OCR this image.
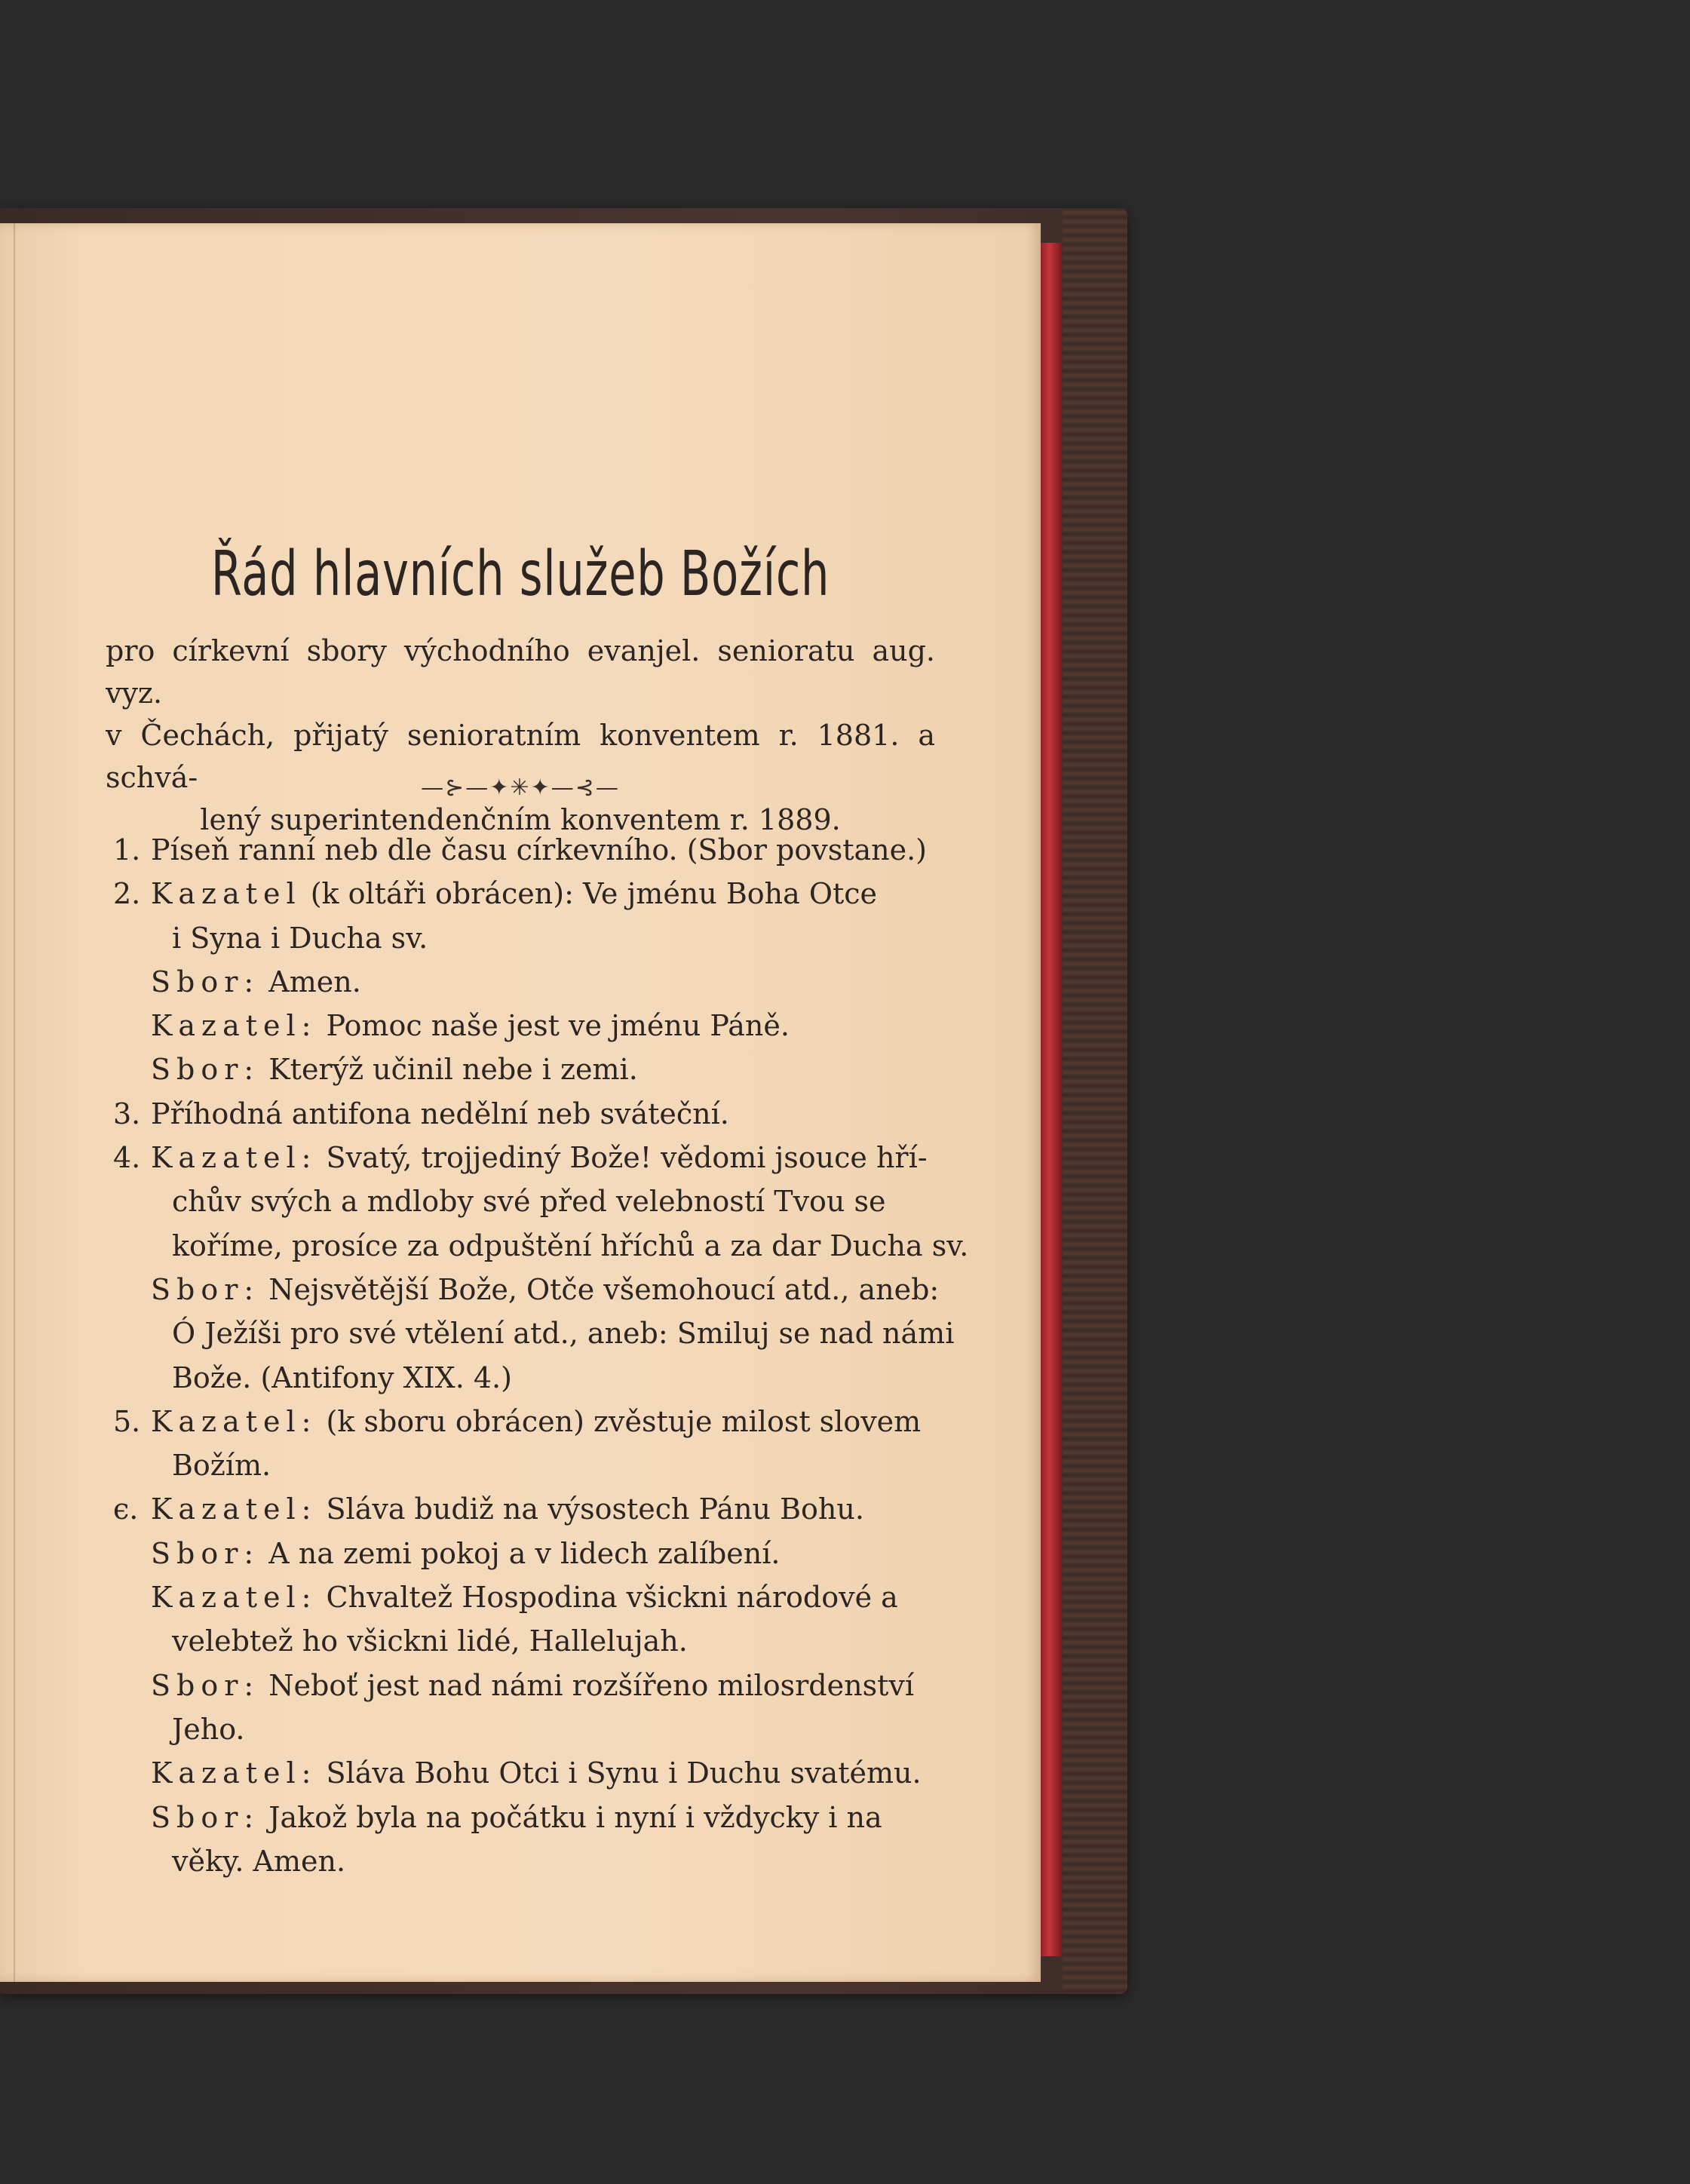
Řád hlavních služeb Božích
pro církevní sbory východního evanjel. senioratu aug. vyz.
v Čechách, přijatý senioratním konventem r. 1881. a schvá-
lený superintendenčním konventem r. 1889.
—⊱—✦✳✦—⊰—
1. Píseň ranní neb dle času církevního. (Sbor povstane.)
2. Kazatel (k oltáři obrácen): Ve jménu Boha Otce
i Syna i Ducha sv.
Sbor: Amen.
Kazatel: Pomoc naše jest ve jménu Páně.
Sbor: Kterýž učinil nebe i zemi.
3. Příhodná antifona nedělní neb sváteční.
4. Kazatel: Svatý, trojjediný Bože! vědomi jsouce hří-
chův svých a mdloby své před velebností Tvou se
koříme, prosíce za odpuštění hříchů a za dar Ducha sv.
Sbor: Nejsvětější Bože, Otče všemohoucí atd., aneb:
Ó Ježíši pro své vtělení atd., aneb: Smiluj se nad námi
Bože. (Antifony XIX. 4.)
5. Kazatel: (k sboru obrácen) zvěstuje milost slovem
Božím.
ϵ. Kazatel: Sláva budiž na výsostech Pánu Bohu.
Sbor: A na zemi pokoj a v lidech zalíbení.
Kazatel: Chvaltež Hospodina všickni národové a
velebtež ho všickni lidé, Hallelujah.
Sbor: Neboť jest nad námi rozšířeno milosrdenství
Jeho.
Kazatel: Sláva Bohu Otci i Synu i Duchu svatému.
Sbor: Jakož byla na počátku i nyní i vždycky i na
věky. Amen.
